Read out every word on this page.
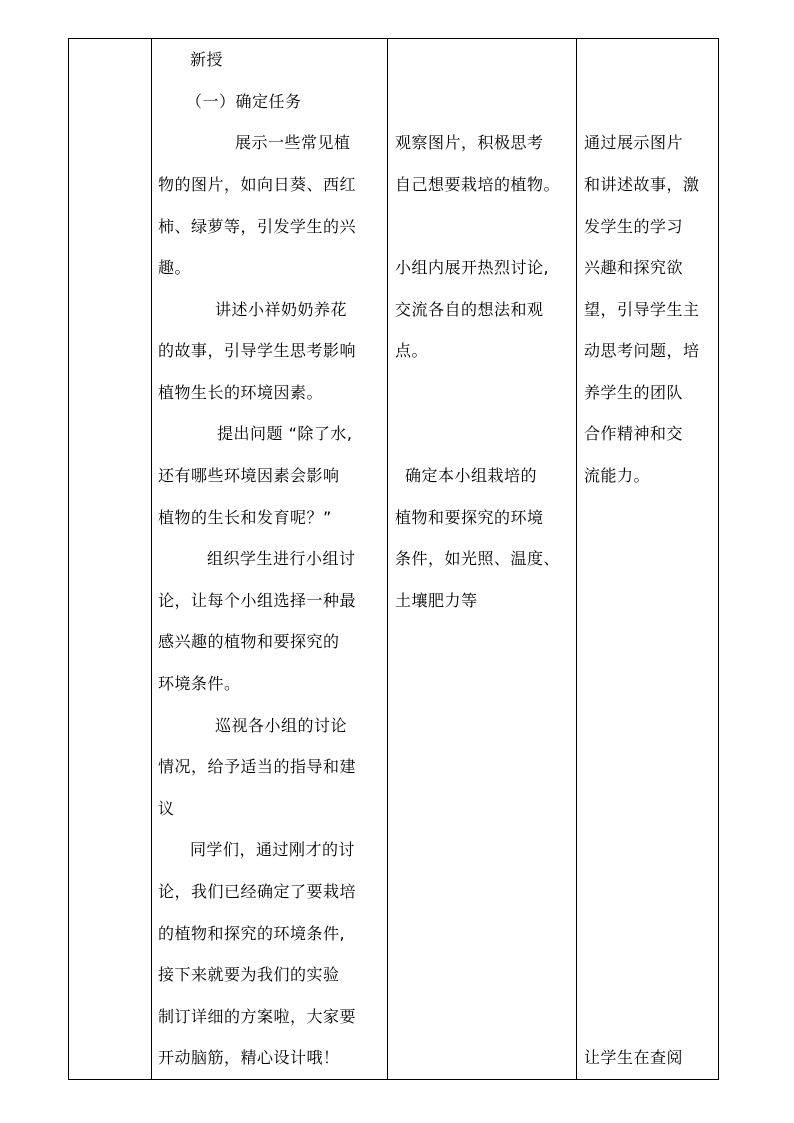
新授
（一）确定任务
展示一些常见植
物的图片，如向日葵、西红
柿、绿萝等，引发学生的兴
趣。
讲述小祥奶奶养花
的故事，引导学生思考影响
植物生长的环境因素。
提出问题 “除了水,
还有哪些环境因素会影响
植物的生长和发育呢？”
组织学生进行小组讨
论，让每个小组选择一种最
感兴趣的植物和要探究的
环境条件。
巡视各小组的讨论
情况，给予适当的指导和建
议
同学们，通过刚才的讨
论，我们已经确定了要栽培
的植物和探究的环境条件,
接下来就要为我们的实验
制订详细的方案啦，大家要
开动脑筋，精心设计哦！
观察图片，积极思考
自己想要栽培的植物。
小组内展开热烈讨论,
交流各自的想法和观
点。
确定本小组栽培的
植物和要探究的环境
条件，如光照、温度、
土壤肥力等
通过展示图片
和讲述故事，激
发学生的学习
兴趣和探究欲
望，引导学生主
动思考问题，培
养学生的团队
合作精神和交
流能力。
让学生在查阅
